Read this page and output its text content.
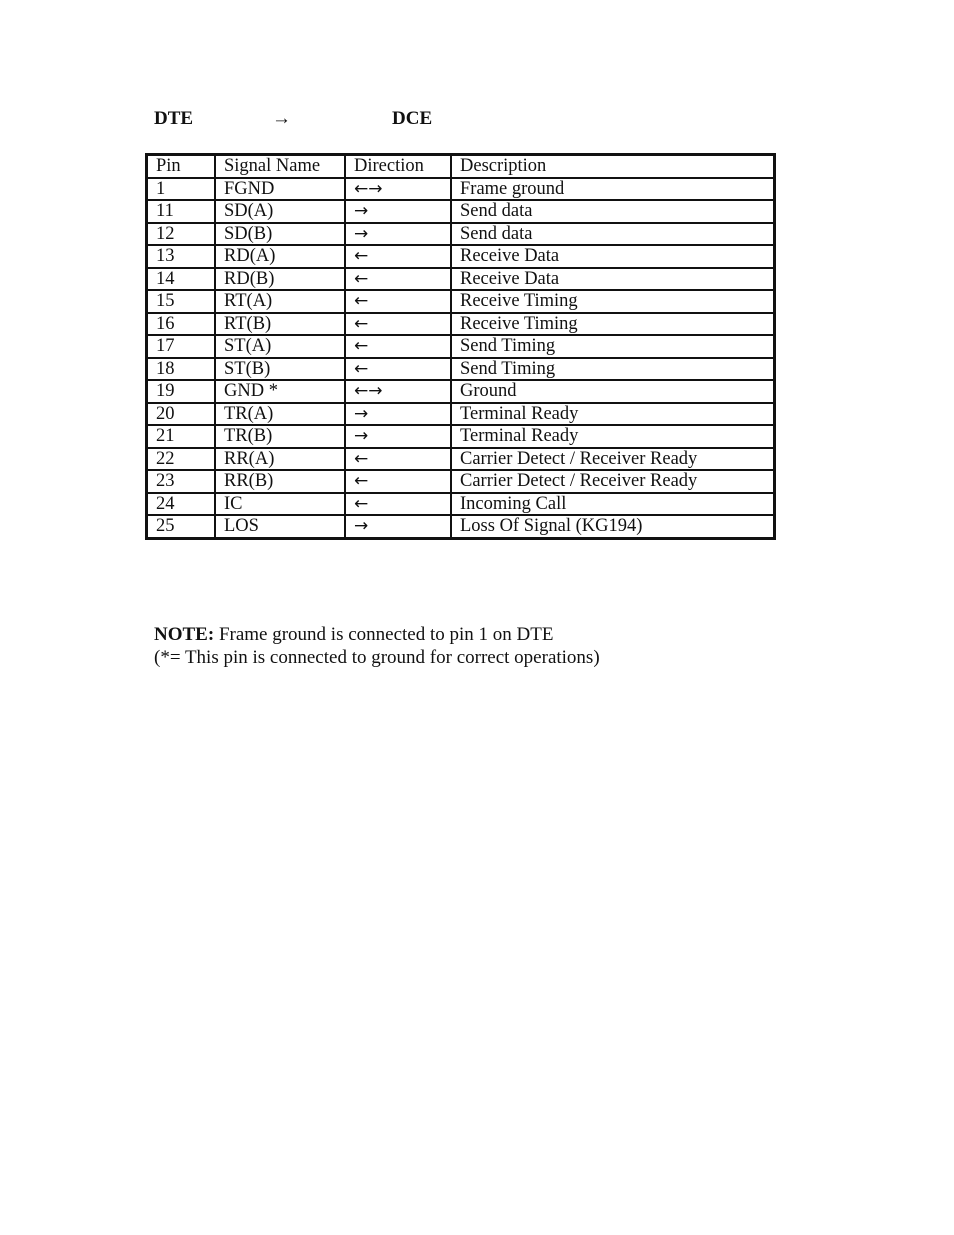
DTE	→	DCE
Pin	Signal Name	Direction	Description
1	FGND	←→	Frame ground
11	SD(A)	→	Send data
12	SD(B)	→	Send data
13	RD(A)	←	Receive Data
14	RD(B)	←	Receive Data
15	RT(A)	←	Receive Timing
16	RT(B)	←	Receive Timing
17	ST(A)	←	Send Timing
18	ST(B)	←	Send Timing
19	GND *	←→	Ground
20	TR(A)	→	Terminal Ready
21	TR(B)	→	Terminal Ready
22	RR(A)	←	Carrier Detect / Receiver Ready
23	RR(B)	←	Carrier Detect / Receiver Ready
24	IC	←	Incoming Call
25	LOS	→	Loss Of Signal (KG194)
NOTE: Frame ground is connected to pin 1 on DTE
(*= This pin is connected to ground for correct operations)
